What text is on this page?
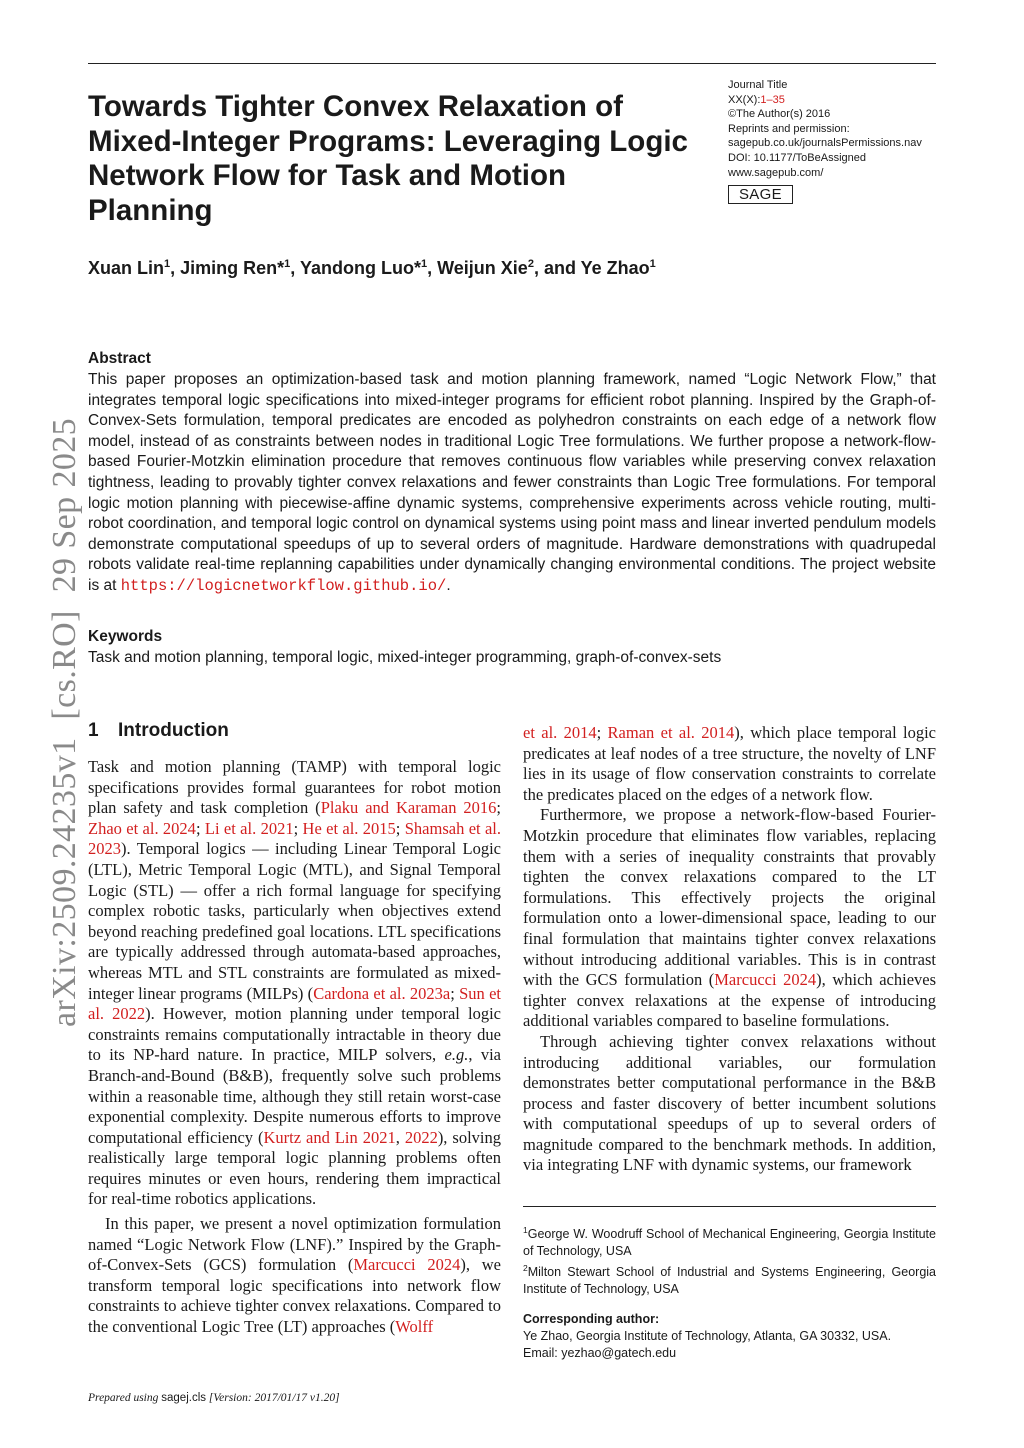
Towards Tighter Convex Relaxation of Mixed-Integer Programs: Leveraging Logic Network Flow for Task and Motion Planning
Journal Title
XX(X):1–35
©The Author(s) 2016
Reprints and permission:
sagepub.co.uk/journalsPermissions.nav
DOI: 10.1177/ToBeAssigned
www.sagepub.com/
SAGE
Xuan Lin$^1$, Jiming Ren*$^1$, Yandong Luo*$^1$, Weijun Xie$^2$, and Ye Zhao$^1$
Abstract

This paper proposes an optimization-based task and motion planning framework, named “Logic Network Flow,” that integrates temporal logic specifications into mixed-integer programs for efficient robot planning. Inspired by the Graph-of-Convex-Sets formulation, temporal predicates are encoded as polyhedron constraints on each edge of a network flow model, instead of as constraints between nodes in traditional Logic Tree formulations. We further propose a network-flow-based Fourier-Motzkin elimination procedure that removes continuous flow variables while preserving convex relaxation tightness, leading to provably tighter convex relaxations and fewer constraints than Logic Tree formulations. For temporal logic motion planning with piecewise-affine dynamic systems, comprehensive experiments across vehicle routing, multi-robot coordination, and temporal logic control on dynamical systems using point mass and linear inverted pendulum models demonstrate computational speedups of up to several orders of magnitude. Hardware demonstrations with quadrupedal robots validate real-time replanning capabilities under dynamically changing environmental conditions. The project website is at https://logicnetworkflow.github.io/.

Keywords

Task and motion planning, temporal logic, mixed-integer programming, graph-of-convex-sets

1 Introduction

Task and motion planning (TAMP) with temporal logic specifications provides formal guarantees for robot motion plan safety and task completion (Plaku and Karaman 2016; Zhao et al. 2024; Li et al. 2021; He et al. 2015; Shamsah et al. 2023). Temporal logics — including Linear Temporal Logic (LTL), Metric Temporal Logic (MTL), and Signal Temporal Logic (STL) — offer a rich formal language for specifying complex robotic tasks, particularly when objectives extend beyond reaching predefined goal locations. LTL specifications are typically addressed through automata-based approaches, whereas MTL and STL constraints are formulated as mixed-integer linear programs (MILPs) (Cardona et al. 2023a; Sun et al. 2022). However, motion planning under temporal logic constraints remains computationally intractable in theory due to its NP-hard nature. In practice, MILP solvers, e.g., via Branch-and-Bound (B&B), frequently solve such problems within a reasonable time, although they still retain worst-case exponential complexity. Despite numerous efforts to improve computational efficiency (Kurtz and Lin 2021, 2022), solving realistically large temporal logic planning problems often requires minutes or even hours, rendering them impractical for real-time robotics applications.

In this paper, we present a novel optimization formulation named “Logic Network Flow (LNF).” Inspired by the Graph-of-Convex-Sets (GCS) formulation (Marcucci 2024), we transform temporal logic specifications into network flow constraints to achieve tighter convex relaxations. Compared to the conventional Logic Tree (LT) approaches (Wolff

et al. 2014; Raman et al. 2014), which place temporal logic predicates at leaf nodes of a tree structure, the novelty of LNF lies in its usage of flow conservation constraints to correlate the predicates placed on the edges of a network flow.

Furthermore, we propose a network-flow-based Fourier-Motzkin procedure that eliminates flow variables, replacing them with a series of inequality constraints that provably tighten the convex relaxations compared to the LT formulations. This effectively projects the original formulation onto a lower-dimensional space, leading to our final formulation that maintains tighter convex relaxations without introducing additional variables. This is in contrast with the GCS formulation (Marcucci 2024), which achieves tighter convex relaxations at the expense of introducing additional variables compared to baseline formulations.

Through achieving tighter convex relaxations without introducing additional variables, our formulation demonstrates better computational performance in the B&B process and faster discovery of better incumbent solutions with computational speedups of up to several orders of magnitude compared to the benchmark methods. In addition, via integrating LNF with dynamic systems, our framework

$^1$George W. Woodruff School of Mechanical Engineering, Georgia Institute of Technology, USA

$^2$Milton Stewart School of Industrial and Systems Engineering, Georgia Institute of Technology, USA

Corresponding author:

Ye Zhao, Georgia Institute of Technology, Atlanta, GA 30332, USA.

Email: yezhao@gatech.edu

Prepared using sagej.cls [Version: 2017/01/17 v1.20]
arXiv:2509.24235v1  [cs.RO]  29 Sep 2025
